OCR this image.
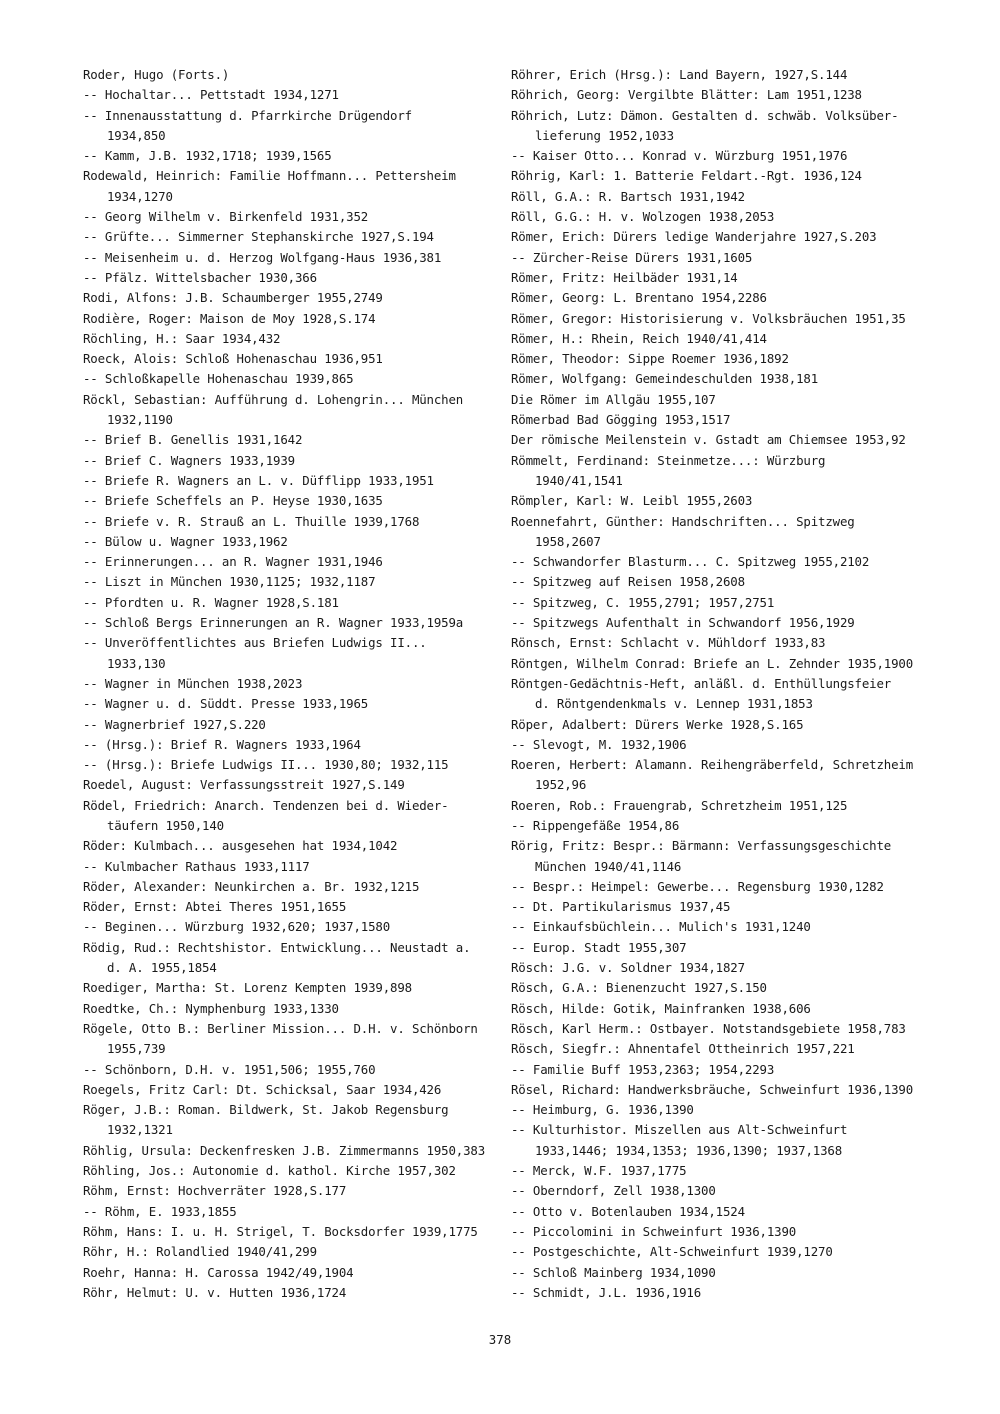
Roder, Hugo (Forts.)
-- Hochaltar... Pettstadt 1934,1271
-- Innenausstattung d. Pfarrkirche Drügendorf
1934,850
-- Kamm, J.B. 1932,1718; 1939,1565
Rodewald, Heinrich: Familie Hoffmann... Pettersheim
1934,1270
-- Georg Wilhelm v. Birkenfeld 1931,352
-- Grüfte... Simmerner Stephanskirche 1927,S.194
-- Meisenheim u. d. Herzog Wolfgang-Haus 1936,381
-- Pfälz. Wittelsbacher 1930,366
Rodi, Alfons: J.B. Schaumberger 1955,2749
Rodière, Roger: Maison de Moy 1928,S.174
Röchling, H.: Saar 1934,432
Roeck, Alois: Schloß Hohenaschau 1936,951
-- Schloßkapelle Hohenaschau 1939,865
Röckl, Sebastian: Aufführung d. Lohengrin... München
1932,1190
-- Brief B. Genellis 1931,1642
-- Brief C. Wagners 1933,1939
-- Briefe R. Wagners an L. v. Düfflipp 1933,1951
-- Briefe Scheffels an P. Heyse 1930,1635
-- Briefe v. R. Strauß an L. Thuille 1939,1768
-- Bülow u. Wagner 1933,1962
-- Erinnerungen... an R. Wagner 1931,1946
-- Liszt in München 1930,1125; 1932,1187
-- Pfordten u. R. Wagner 1928,S.181
-- Schloß Bergs Erinnerungen an R. Wagner 1933,1959a
-- Unveröffentlichtes aus Briefen Ludwigs II...
1933,130
-- Wagner in München 1938,2023
-- Wagner u. d. Süddt. Presse 1933,1965
-- Wagnerbrief 1927,S.220
-- (Hrsg.): Brief R. Wagners 1933,1964
-- (Hrsg.): Briefe Ludwigs II... 1930,80; 1932,115
Roedel, August: Verfassungsstreit 1927,S.149
Rödel, Friedrich: Anarch. Tendenzen bei d. Wieder-
täufern 1950,140
Röder: Kulmbach... ausgesehen hat 1934,1042
-- Kulmbacher Rathaus 1933,1117
Röder, Alexander: Neunkirchen a. Br. 1932,1215
Röder, Ernst: Abtei Theres 1951,1655
-- Beginen... Würzburg 1932,620; 1937,1580
Rödig, Rud.: Rechtshistor. Entwicklung... Neustadt a.
d. A. 1955,1854
Roediger, Martha: St. Lorenz Kempten 1939,898
Roedtke, Ch.: Nymphenburg 1933,1330
Rögele, Otto B.: Berliner Mission... D.H. v. Schönborn
1955,739
-- Schönborn, D.H. v. 1951,506; 1955,760
Roegels, Fritz Carl: Dt. Schicksal, Saar 1934,426
Röger, J.B.: Roman. Bildwerk, St. Jakob Regensburg
1932,1321
Röhlig, Ursula: Deckenfresken J.B. Zimmermanns 1950,383
Röhling, Jos.: Autonomie d. kathol. Kirche 1957,302
Röhm, Ernst: Hochverräter 1928,S.177
-- Röhm, E. 1933,1855
Röhm, Hans: I. u. H. Strigel, T. Bocksdorfer 1939,1775
Röhr, H.: Rolandlied 1940/41,299
Roehr, Hanna: H. Carossa 1942/49,1904
Röhr, Helmut: U. v. Hutten 1936,1724
Röhrer, Erich (Hrsg.): Land Bayern, 1927,S.144
Röhrich, Georg: Vergilbte Blätter: Lam 1951,1238
Röhrich, Lutz: Dämon. Gestalten d. schwäb. Volksüber-
lieferung 1952,1033
-- Kaiser Otto... Konrad v. Würzburg 1951,1976
Röhrig, Karl: 1. Batterie Feldart.-Rgt. 1936,124
Röll, G.A.: R. Bartsch 1931,1942
Röll, G.G.: H. v. Wolzogen 1938,2053
Römer, Erich: Dürers ledige Wanderjahre 1927,S.203
-- Zürcher-Reise Dürers 1931,1605
Römer, Fritz: Heilbäder 1931,14
Römer, Georg: L. Brentano 1954,2286
Römer, Gregor: Historisierung v. Volksbräuchen 1951,35
Römer, H.: Rhein, Reich 1940/41,414
Römer, Theodor: Sippe Roemer 1936,1892
Römer, Wolfgang: Gemeindeschulden 1938,181
Die Römer im Allgäu 1955,107
Römerbad Bad Gögging 1953,1517
Der römische Meilenstein v. Gstadt am Chiemsee 1953,92
Römmelt, Ferdinand: Steinmetze...: Würzburg
1940/41,1541
Römpler, Karl: W. Leibl 1955,2603
Roennefahrt, Günther: Handschriften... Spitzweg
1958,2607
-- Schwandorfer Blasturm... C. Spitzweg 1955,2102
-- Spitzweg auf Reisen 1958,2608
-- Spitzweg, C. 1955,2791; 1957,2751
-- Spitzwegs Aufenthalt in Schwandorf 1956,1929
Rönsch, Ernst: Schlacht v. Mühldorf 1933,83
Röntgen, Wilhelm Conrad: Briefe an L. Zehnder 1935,1900
Röntgen-Gedächtnis-Heft, anläßl. d. Enthüllungsfeier
d. Röntgendenkmals v. Lennep 1931,1853
Röper, Adalbert: Dürers Werke 1928,S.165
-- Slevogt, M. 1932,1906
Roeren, Herbert: Alamann. Reihengräberfeld, Schretzheim
1952,96
Roeren, Rob.: Frauengrab, Schretzheim 1951,125
-- Rippengefäße 1954,86
Rörig, Fritz: Bespr.: Bärmann: Verfassungsgeschichte
München 1940/41,1146
-- Bespr.: Heimpel: Gewerbe... Regensburg 1930,1282
-- Dt. Partikularismus 1937,45
-- Einkaufsbüchlein... Mulich's 1931,1240
-- Europ. Stadt 1955,307
Rösch: J.G. v. Soldner 1934,1827
Rösch, G.A.: Bienenzucht 1927,S.150
Rösch, Hilde: Gotik, Mainfranken 1938,606
Rösch, Karl Herm.: Ostbayer. Notstandsgebiete 1958,783
Rösch, Siegfr.: Ahnentafel Ottheinrich 1957,221
-- Familie Buff 1953,2363; 1954,2293
Rösel, Richard: Handwerksbräuche, Schweinfurt 1936,1390
-- Heimburg, G. 1936,1390
-- Kulturhistor. Miszellen aus Alt-Schweinfurt
1933,1446; 1934,1353; 1936,1390; 1937,1368
-- Merck, W.F. 1937,1775
-- Oberndorf, Zell 1938,1300
-- Otto v. Botenlauben 1934,1524
-- Piccolomini in Schweinfurt 1936,1390
-- Postgeschichte, Alt-Schweinfurt 1939,1270
-- Schloß Mainberg 1934,1090
-- Schmidt, J.L. 1936,1916
378
